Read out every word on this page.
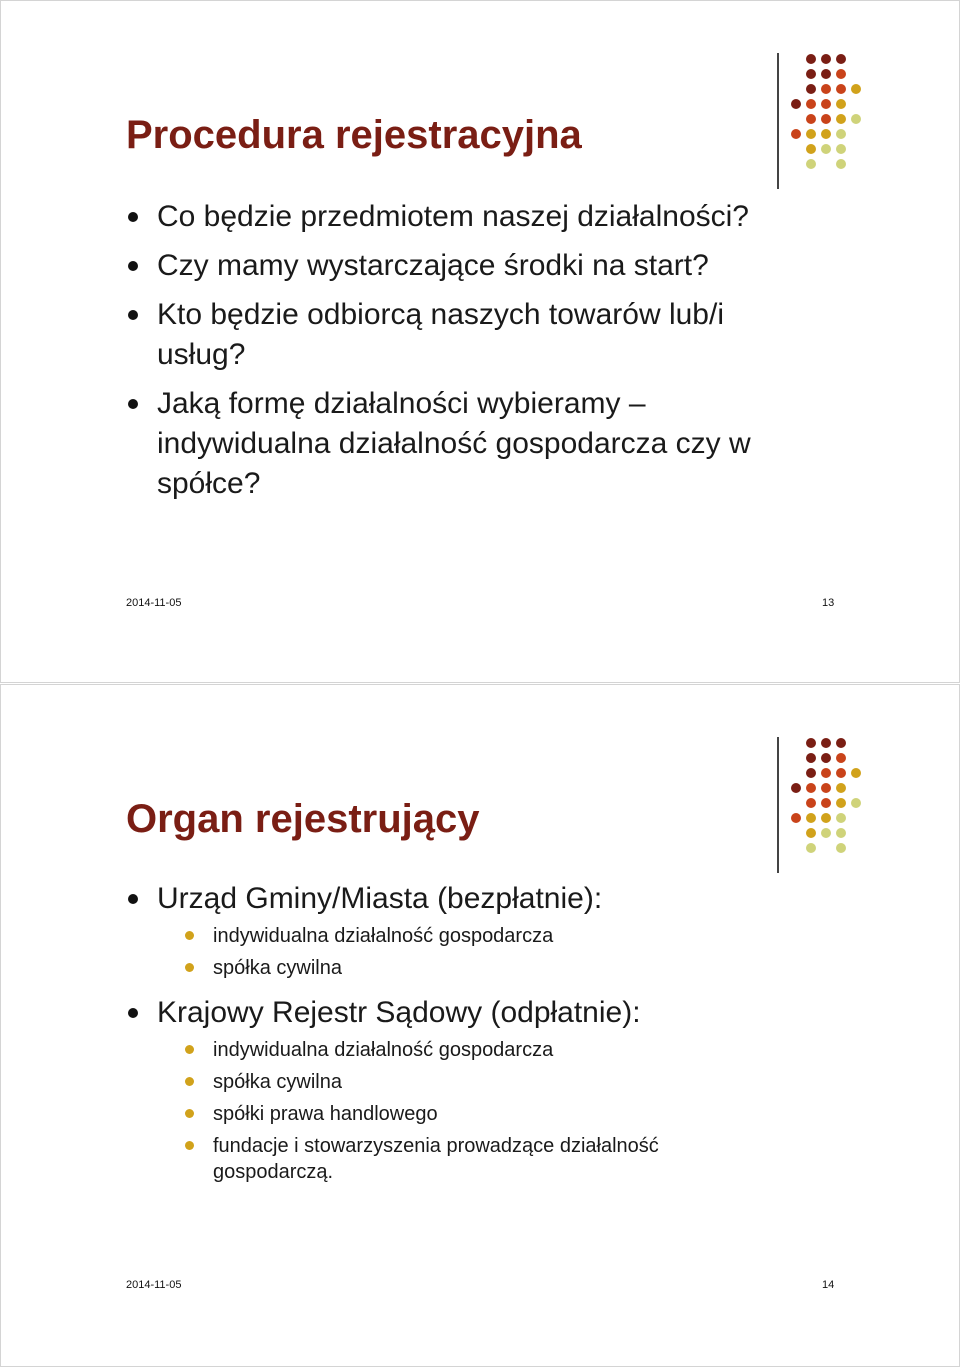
Procedura rejestracyjna
Co będzie przedmiotem naszej działalności?
Czy mamy wystarczające środki na start?
Kto będzie odbiorcą naszych towarów lub/i usług?
Jaką formę działalności wybieramy – indywidualna działalność gospodarcza czy w spółce?
2014-11-05	13
Organ rejestrujący
Urząd Gminy/Miasta (bezpłatnie):
indywidualna działalność gospodarcza
spółka cywilna
Krajowy Rejestr Sądowy (odpłatnie):
indywidualna działalność gospodarcza
spółka cywilna
spółki prawa handlowego
fundacje i stowarzyszenia prowadzące działalność gospodarczą.
2014-11-05	14
